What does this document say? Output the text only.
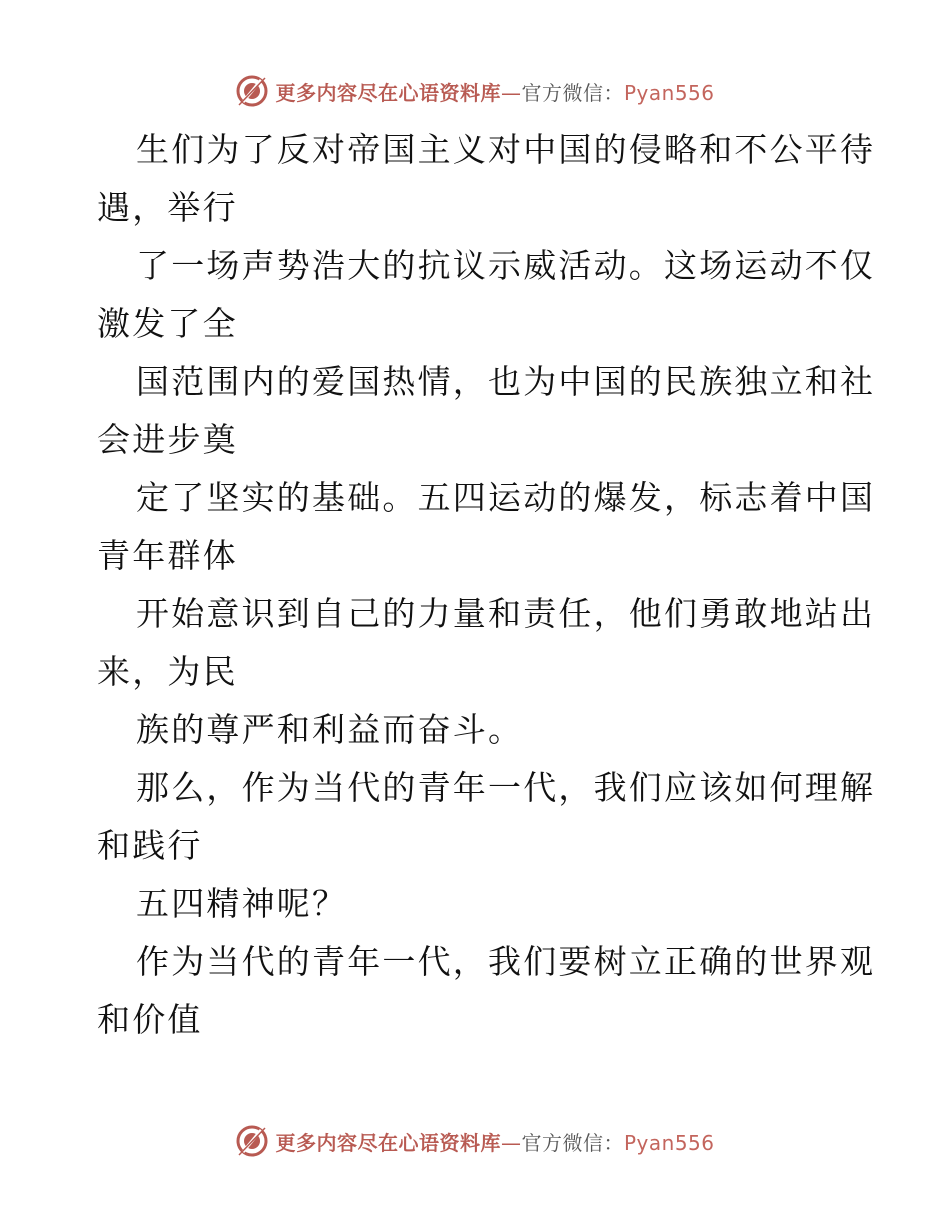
更多内容尽在心语资料库—官方微信：Pyan556
生们为了反对帝国主义对中国的侵略和不公平待
遇，举行
了一场声势浩大的抗议示威活动。这场运动不仅
激发了全
国范围内的爱国热情，也为中国的民族独立和社
会进步奠
定了坚实的基础。五四运动的爆发，标志着中国
青年群体
开始意识到自己的力量和责任，他们勇敢地站出
来，为民
族的尊严和利益而奋斗。
那么，作为当代的青年一代，我们应该如何理解
和践行
五四精神呢？
作为当代的青年一代，我们要树立正确的世界观
和价值
更多内容尽在心语资料库—官方微信：Pyan556
